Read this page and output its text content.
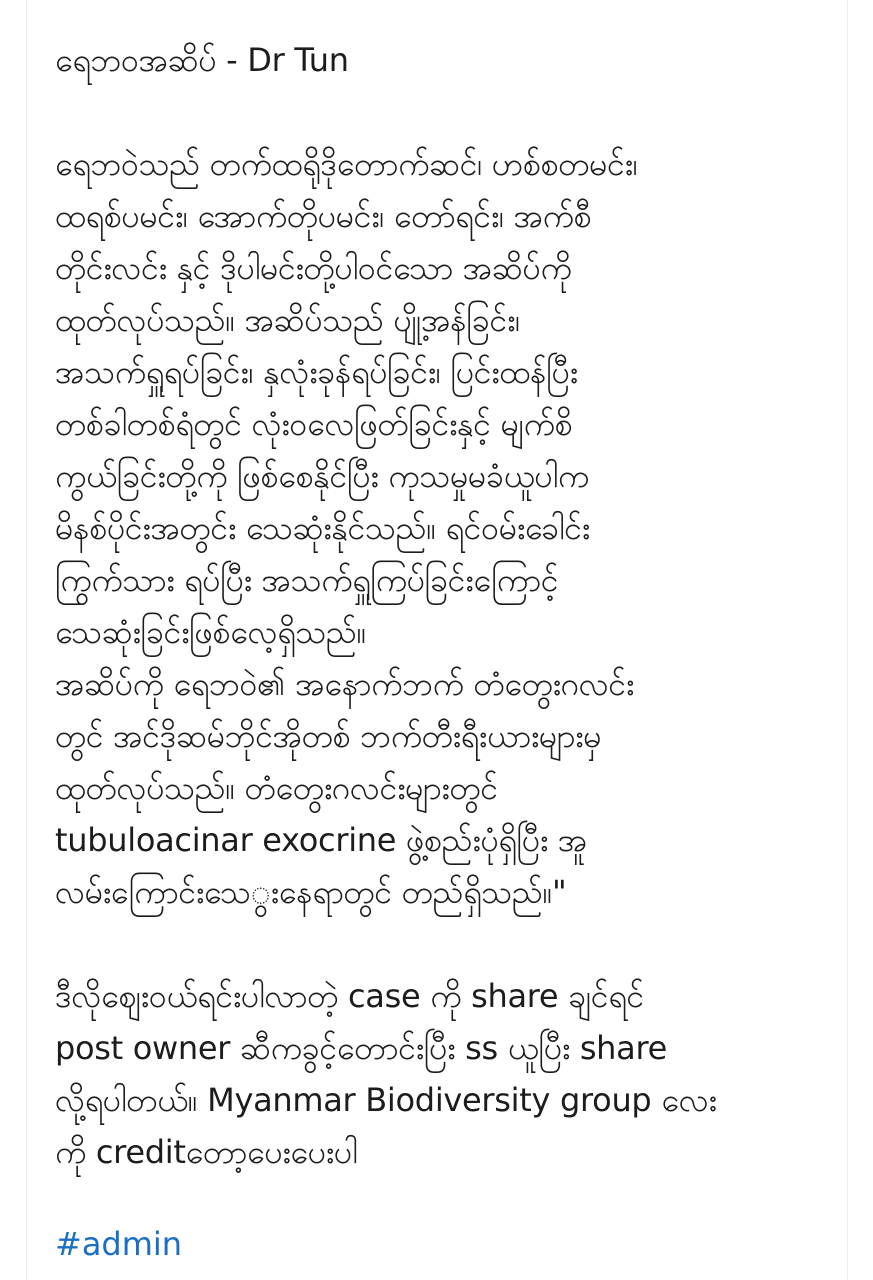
ရေဘဝအဆိပ် - Dr Tun
ရေဘဝဲသည် တက်ထရိုဒိုတောက်ဆင်၊ ဟစ်စတမင်း၊
ထရစ်ပမင်း၊ အောက်တိုပမင်း၊ တော်ရင်း၊ အက်စီ
တိုင်းလင်း နှင့် ဒိုပါမင်းတို့ပါဝင်သော အဆိပ်ကို
ထုတ်လုပ်သည်။ အဆိပ်သည် ပျို့အန်ခြင်း၊
အသက်ရှူရပ်ခြင်း၊ နှလုံးခုန်ရပ်ခြင်း၊ ပြင်းထန်ပြီး
တစ်ခါတစ်ရံတွင် လုံးဝလေဖြတ်ခြင်းနှင့် မျက်စိ
ကွယ်ခြင်းတို့ကို ဖြစ်စေနိုင်ပြီး ကုသမှုမခံယူပါက
မိနစ်ပိုင်းအတွင်း သေဆုံးနိုင်သည်။ ရင်ဝမ်းခေါင်း
ကြွက်သား ရပ်ပြီး အသက်ရှူကြပ်ခြင်းကြောင့်
သေဆုံးခြင်းဖြစ်လေ့ရှိသည်။
အဆိပ်ကို ရေဘဝဲ၏ အနောက်ဘက် တံတွေးဂလင်း
တွင် အင်ဒိုဆမ်ဘိုင်အိုတစ် ဘက်တီးရီးယားများမှ
ထုတ်လုပ်သည်။ တံတွေးဂလင်းများတွင်
tubuloacinar exocrine ဖွဲ့စည်းပုံရှိပြီး အူ
လမ်းကြောင်းသေွးနေရာတွင် တည်ရှိသည်။"
ဒီလိုဈေးဝယ်ရင်းပါလာတဲ့ case ကို share ချင်ရင်
post owner ဆီကခွင့်တောင်းပြီး ss ယူပြီး share
လို့ရပါတယ်။ Myanmar Biodiversity group လေး
ကို creditတော့ပေးပေးပါ
#admin
